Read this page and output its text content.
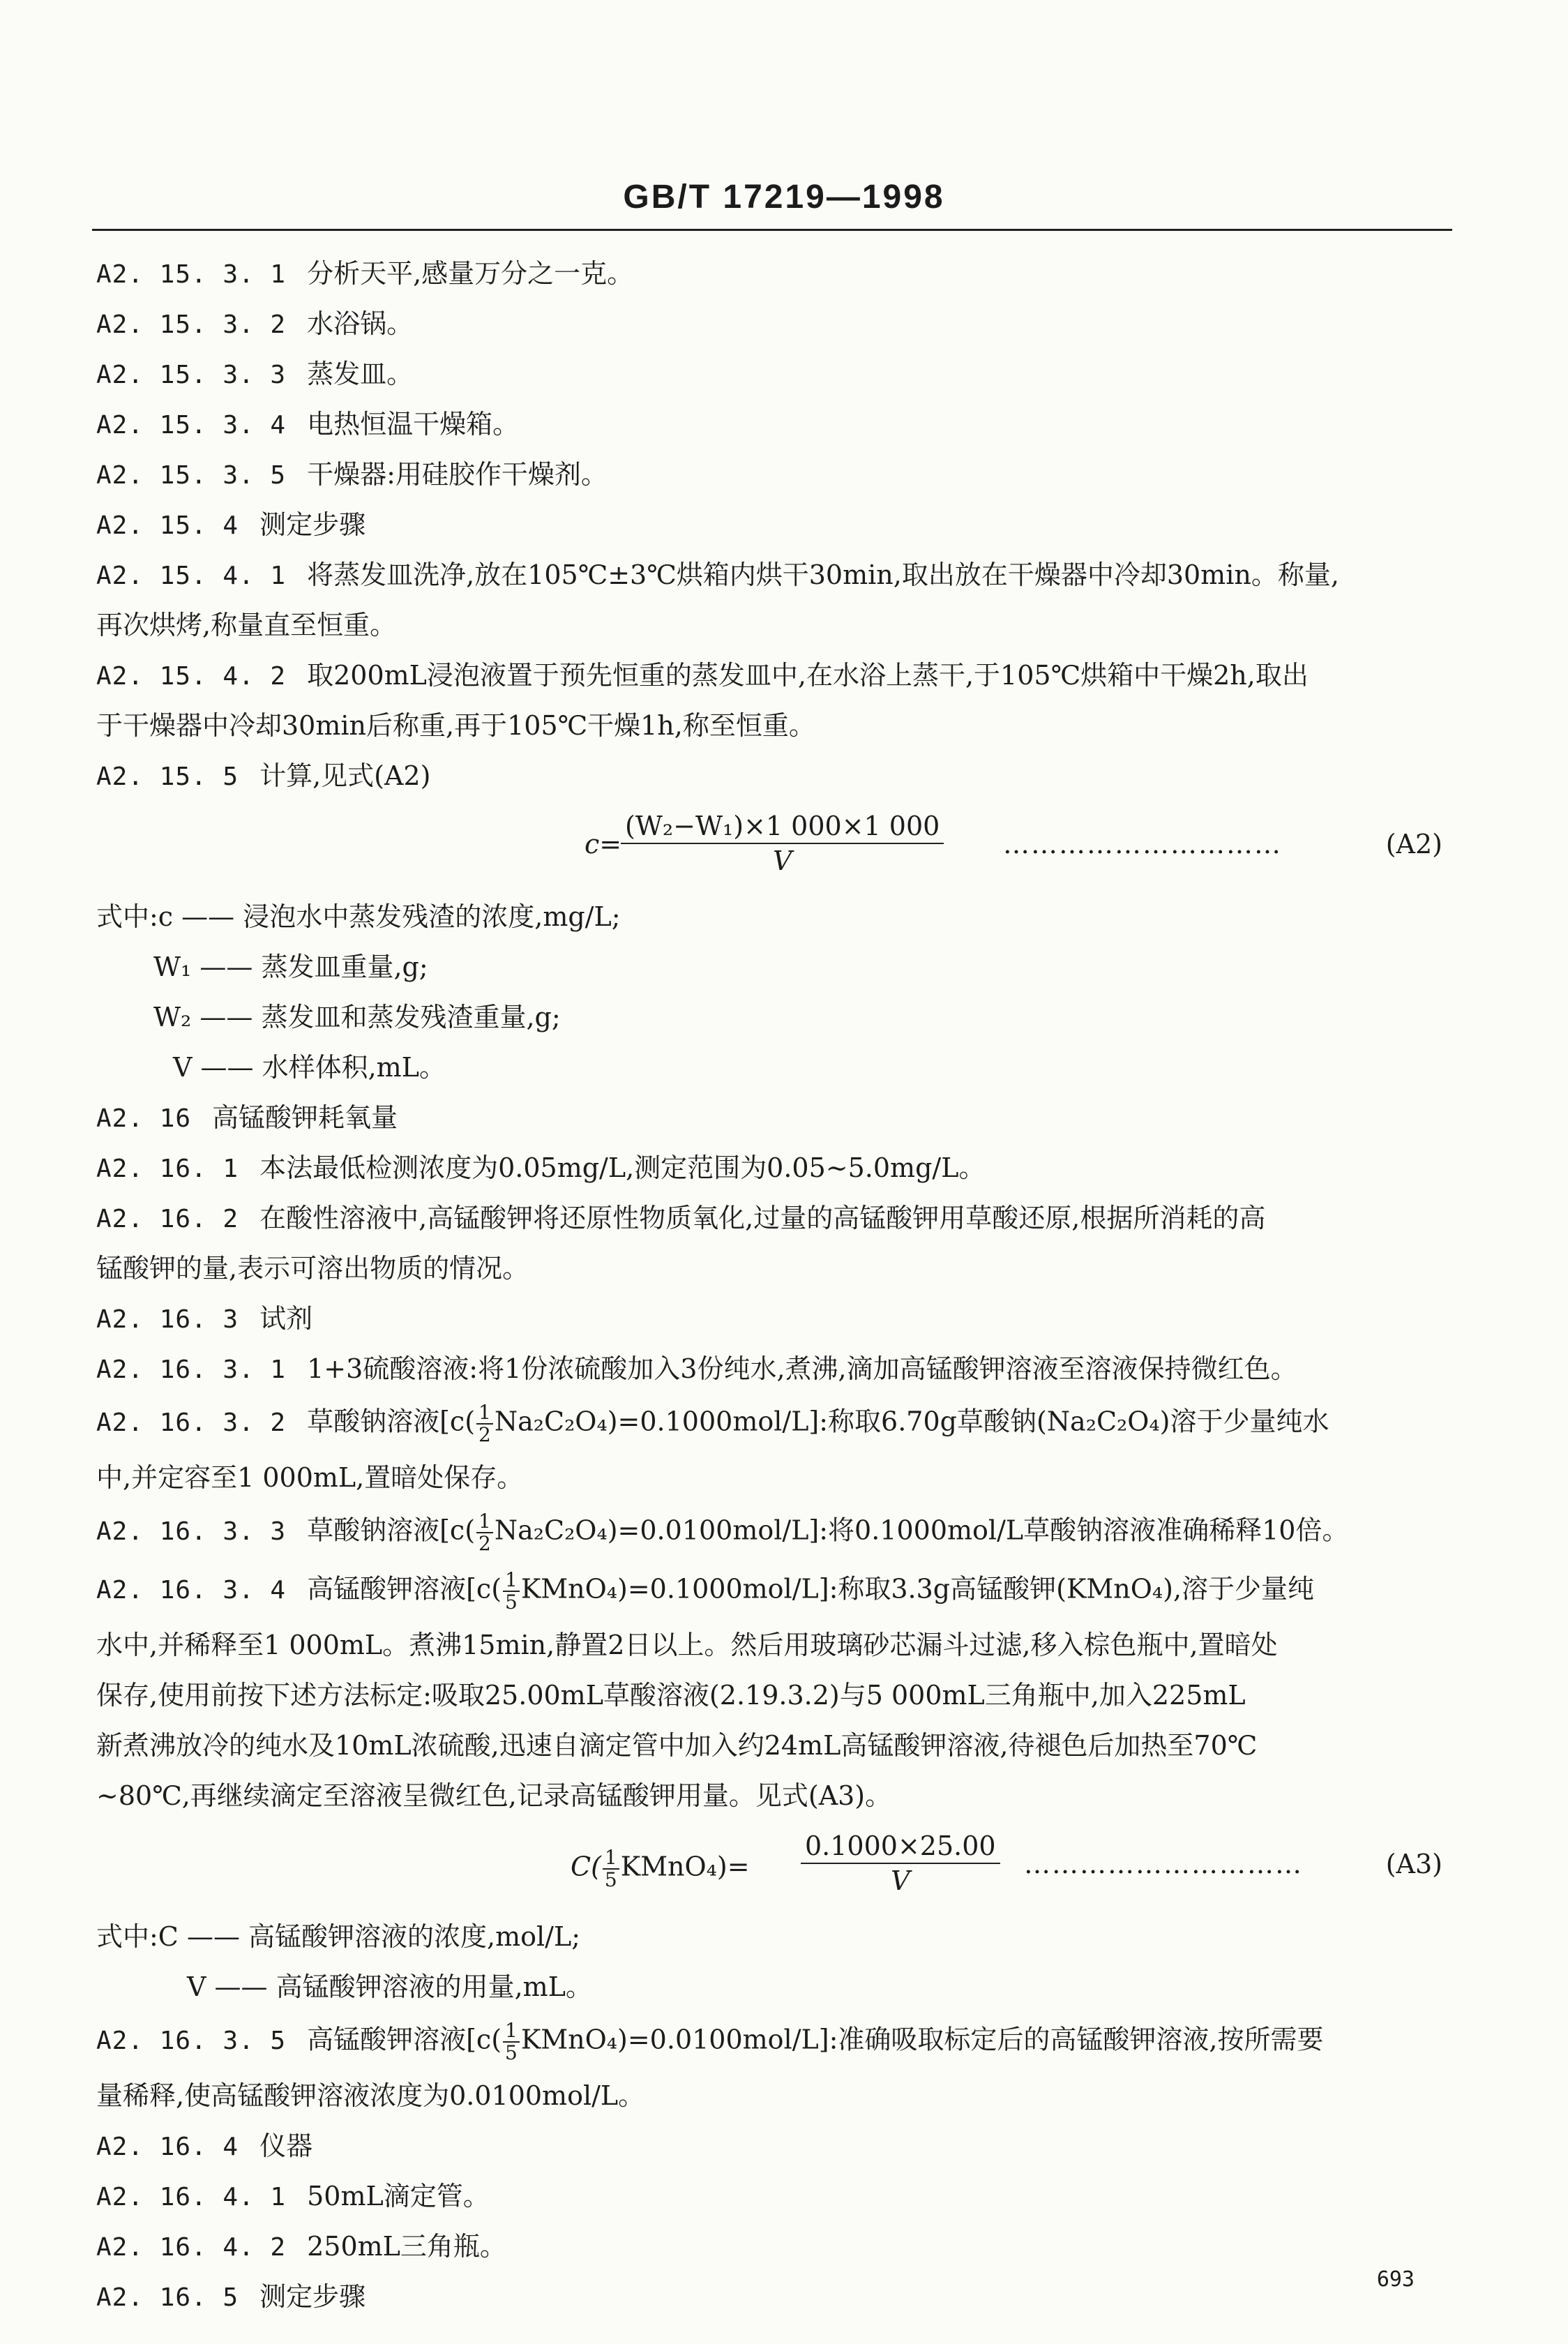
GB/T 17219—1998
A2. 15. 3. 1 分析天平,感量万分之一克。
A2. 15. 3. 2 水浴锅。
A2. 15. 3. 3 蒸发皿。
A2. 15. 3. 4 电热恒温干燥箱。
A2. 15. 3. 5 干燥器:用硅胶作干燥剂。
A2. 15. 4 测定步骤
A2. 15. 4. 1 将蒸发皿洗净,放在105℃±3℃烘箱内烘干30min,取出放在干燥器中冷却30min。称量,
再次烘烤,称量直至恒重。
A2. 15. 4. 2 取200mL浸泡液置于预先恒重的蒸发皿中,在水浴上蒸干,于105℃烘箱中干燥2h,取出
于干燥器中冷却30min后称重,再于105℃干燥1h,称至恒重。
A2. 15. 5 计算,见式(A2)
c=
$\frac{\text{(W₂−W₁)×1 000×1 000}}{V}$ …………………………	(A2)
式中:c —— 浸泡水中蒸发残渣的浓度,mg/L;
W₁ —— 蒸发皿重量,g;
W₂ —— 蒸发皿和蒸发残渣重量,g;
V —— 水样体积,mL。
A2. 16 高锰酸钾耗氧量
A2. 16. 1 本法最低检测浓度为0.05mg/L,测定范围为0.05~5.0mg/L。
A2. 16. 2 在酸性溶液中,高锰酸钾将还原性物质氧化,过量的高锰酸钾用草酸还原,根据所消耗的高
锰酸钾的量,表示可溶出物质的情况。
A2. 16. 3 试剂
A2. 16. 3. 1 1+3硫酸溶液:将1份浓硫酸加入3份纯水,煮沸,滴加高锰酸钾溶液至溶液保持微红色。
A2. 16. 3. 2 草酸钠溶液$[c( \frac{1}{2} Na_2C_2O_4)=0.1000mol/L]$:称取6.70g草酸钠(Na₂C₂O₄)溶于少量纯水
中,并定容至1 000mL,置暗处保存。
A2. 16. 3. 3 草酸钠溶液$[c( \frac{1}{2} Na_2C_2O_4)=0.0100mol/L]$:将0.1000mol/L草酸钠溶液准确稀释10倍。
A2. 16. 3. 4 高锰酸钾溶液[$c( \frac{1}{5}$ KMnO₄)=0.1000mol/L]:称取3.3g高锰酸钾(KMnO₄),溶于少量纯
水中,并稀释至1 000mL。煮沸15min,静置2日以上。然后用玻璃砂芯漏斗过滤,移入棕色瓶中,置暗处
保存,使用前按下述方法标定:吸取25.00mL草酸溶液(2.19.3.2)与5 000mL三角瓶中,加入225mL
新煮沸放冷的纯水及10mL浓硫酸,迅速自滴定管中加入约24mL高锰酸钾溶液,待褪色后加热至70℃
~80℃,再继续滴定至溶液呈微红色,记录高锰酸钾用量。见式(A3)。
$C( \frac{1}{5}$ KMnO₄)= $\frac{0.1000\times 25.00}{V}$ …………………………	(A3)
式中:C —— 高锰酸钾溶液的浓度,mol/L;
V —— 高锰酸钾溶液的用量,mL。
A2. 16. 3. 5 高锰酸钾溶液[$c( \frac{1}{5}$ KMnO₄)=0.0100mol/L]:准确吸取标定后的高锰酸钾溶液,按所需要
量稀释,使高锰酸钾溶液浓度为0.0100mol/L。
A2. 16. 4 仪器
A2. 16. 4. 1 50mL滴定管。
A2. 16. 4. 2 250mL三角瓶。
A2. 16. 5 测定步骤
693
